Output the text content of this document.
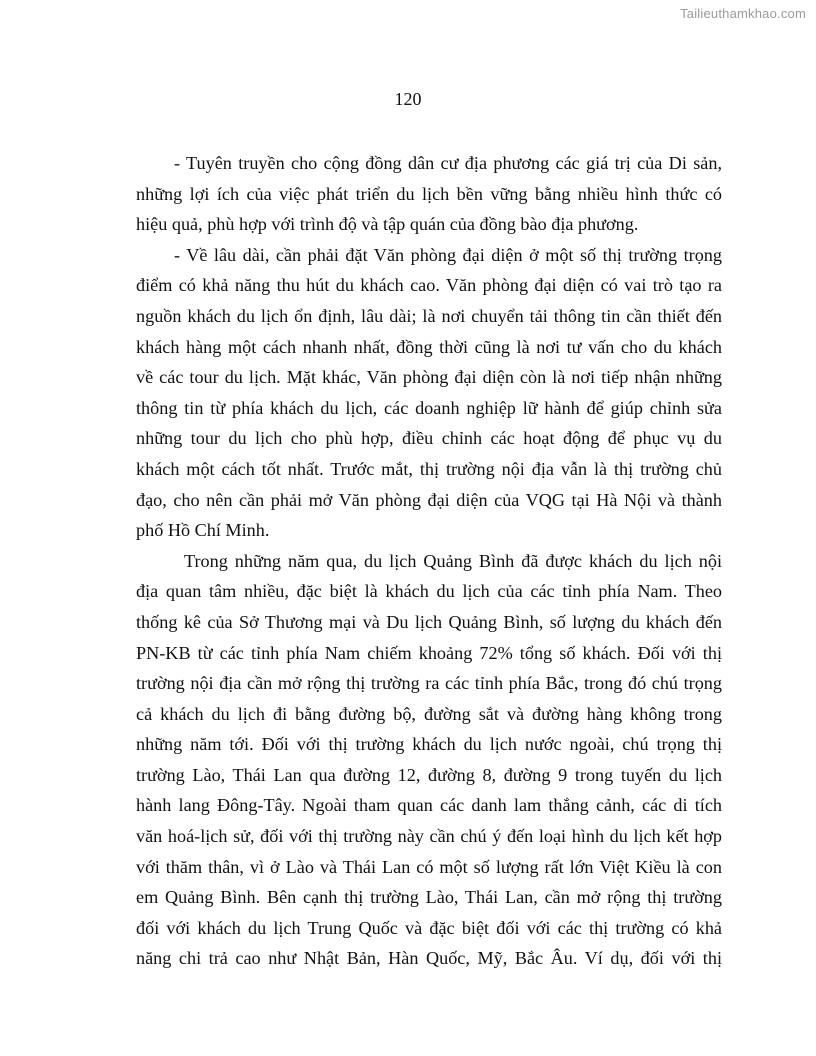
Tailieuthamkhao.com
120
- Tuyên truyền cho cộng đồng dân cư địa phương các giá trị của Di sản,
những lợi ích của việc phát triển du lịch bền vững bằng nhiều hình thức có
hiệu quả, phù hợp với trình độ và tập quán của đồng bào địa phương.
- Về lâu dài, cần phải đặt Văn phòng đại diện ở một số thị trường trọng
điểm có khả năng thu hút du khách cao. Văn phòng đại diện có vai trò tạo ra
nguồn khách du lịch ổn định, lâu dài; là nơi chuyển tải thông tin cần thiết đến
khách hàng một cách nhanh nhất, đồng thời cũng là nơi tư vấn cho du khách
về các tour du lịch. Mặt khác, Văn phòng đại diện còn là nơi tiếp nhận những
thông tin từ phía khách du lịch, các doanh nghiệp lữ hành để giúp chỉnh sửa
những tour du lịch cho phù hợp, điều chỉnh các hoạt động để phục vụ du
khách một cách tốt nhất. Trước mắt, thị trường nội địa vẫn là thị trường chủ
đạo, cho nên cần phải mở Văn phòng đại diện của VQG tại Hà Nội và thành
phố Hồ Chí Minh.
Trong những năm qua, du lịch Quảng Bình đã được khách du lịch nội
địa quan tâm nhiều, đặc biệt là khách du lịch của các tỉnh phía Nam. Theo
thống kê của Sở Thương mại và Du lịch Quảng Bình, số lượng du khách đến
PN-KB từ các tỉnh phía Nam chiếm khoảng 72% tổng số khách. Đối với thị
trường nội địa cần mở rộng thị trường ra các tỉnh phía Bắc, trong đó chú trọng
cả khách du lịch đi bằng đường bộ, đường sắt và đường hàng không trong
những năm tới. Đối với thị trường khách du lịch nước ngoài, chú trọng thị
trường Lào, Thái Lan qua đường 12, đường 8, đường 9 trong tuyến du lịch
hành lang Đông-Tây. Ngoài tham quan các danh lam thắng cảnh, các di tích
văn hoá-lịch sử, đối với thị trường này cần chú ý đến loại hình du lịch kết hợp
với thăm thân, vì ở Lào và Thái Lan có một số lượng rất lớn Việt Kiều là con
em Quảng Bình. Bên cạnh thị trường Lào, Thái Lan, cần mở rộng thị trường
đối với khách du lịch Trung Quốc và đặc biệt đối với các thị trường có khả
năng chi trả cao như Nhật Bản, Hàn Quốc, Mỹ, Bắc Âu. Ví dụ, đối với thị
